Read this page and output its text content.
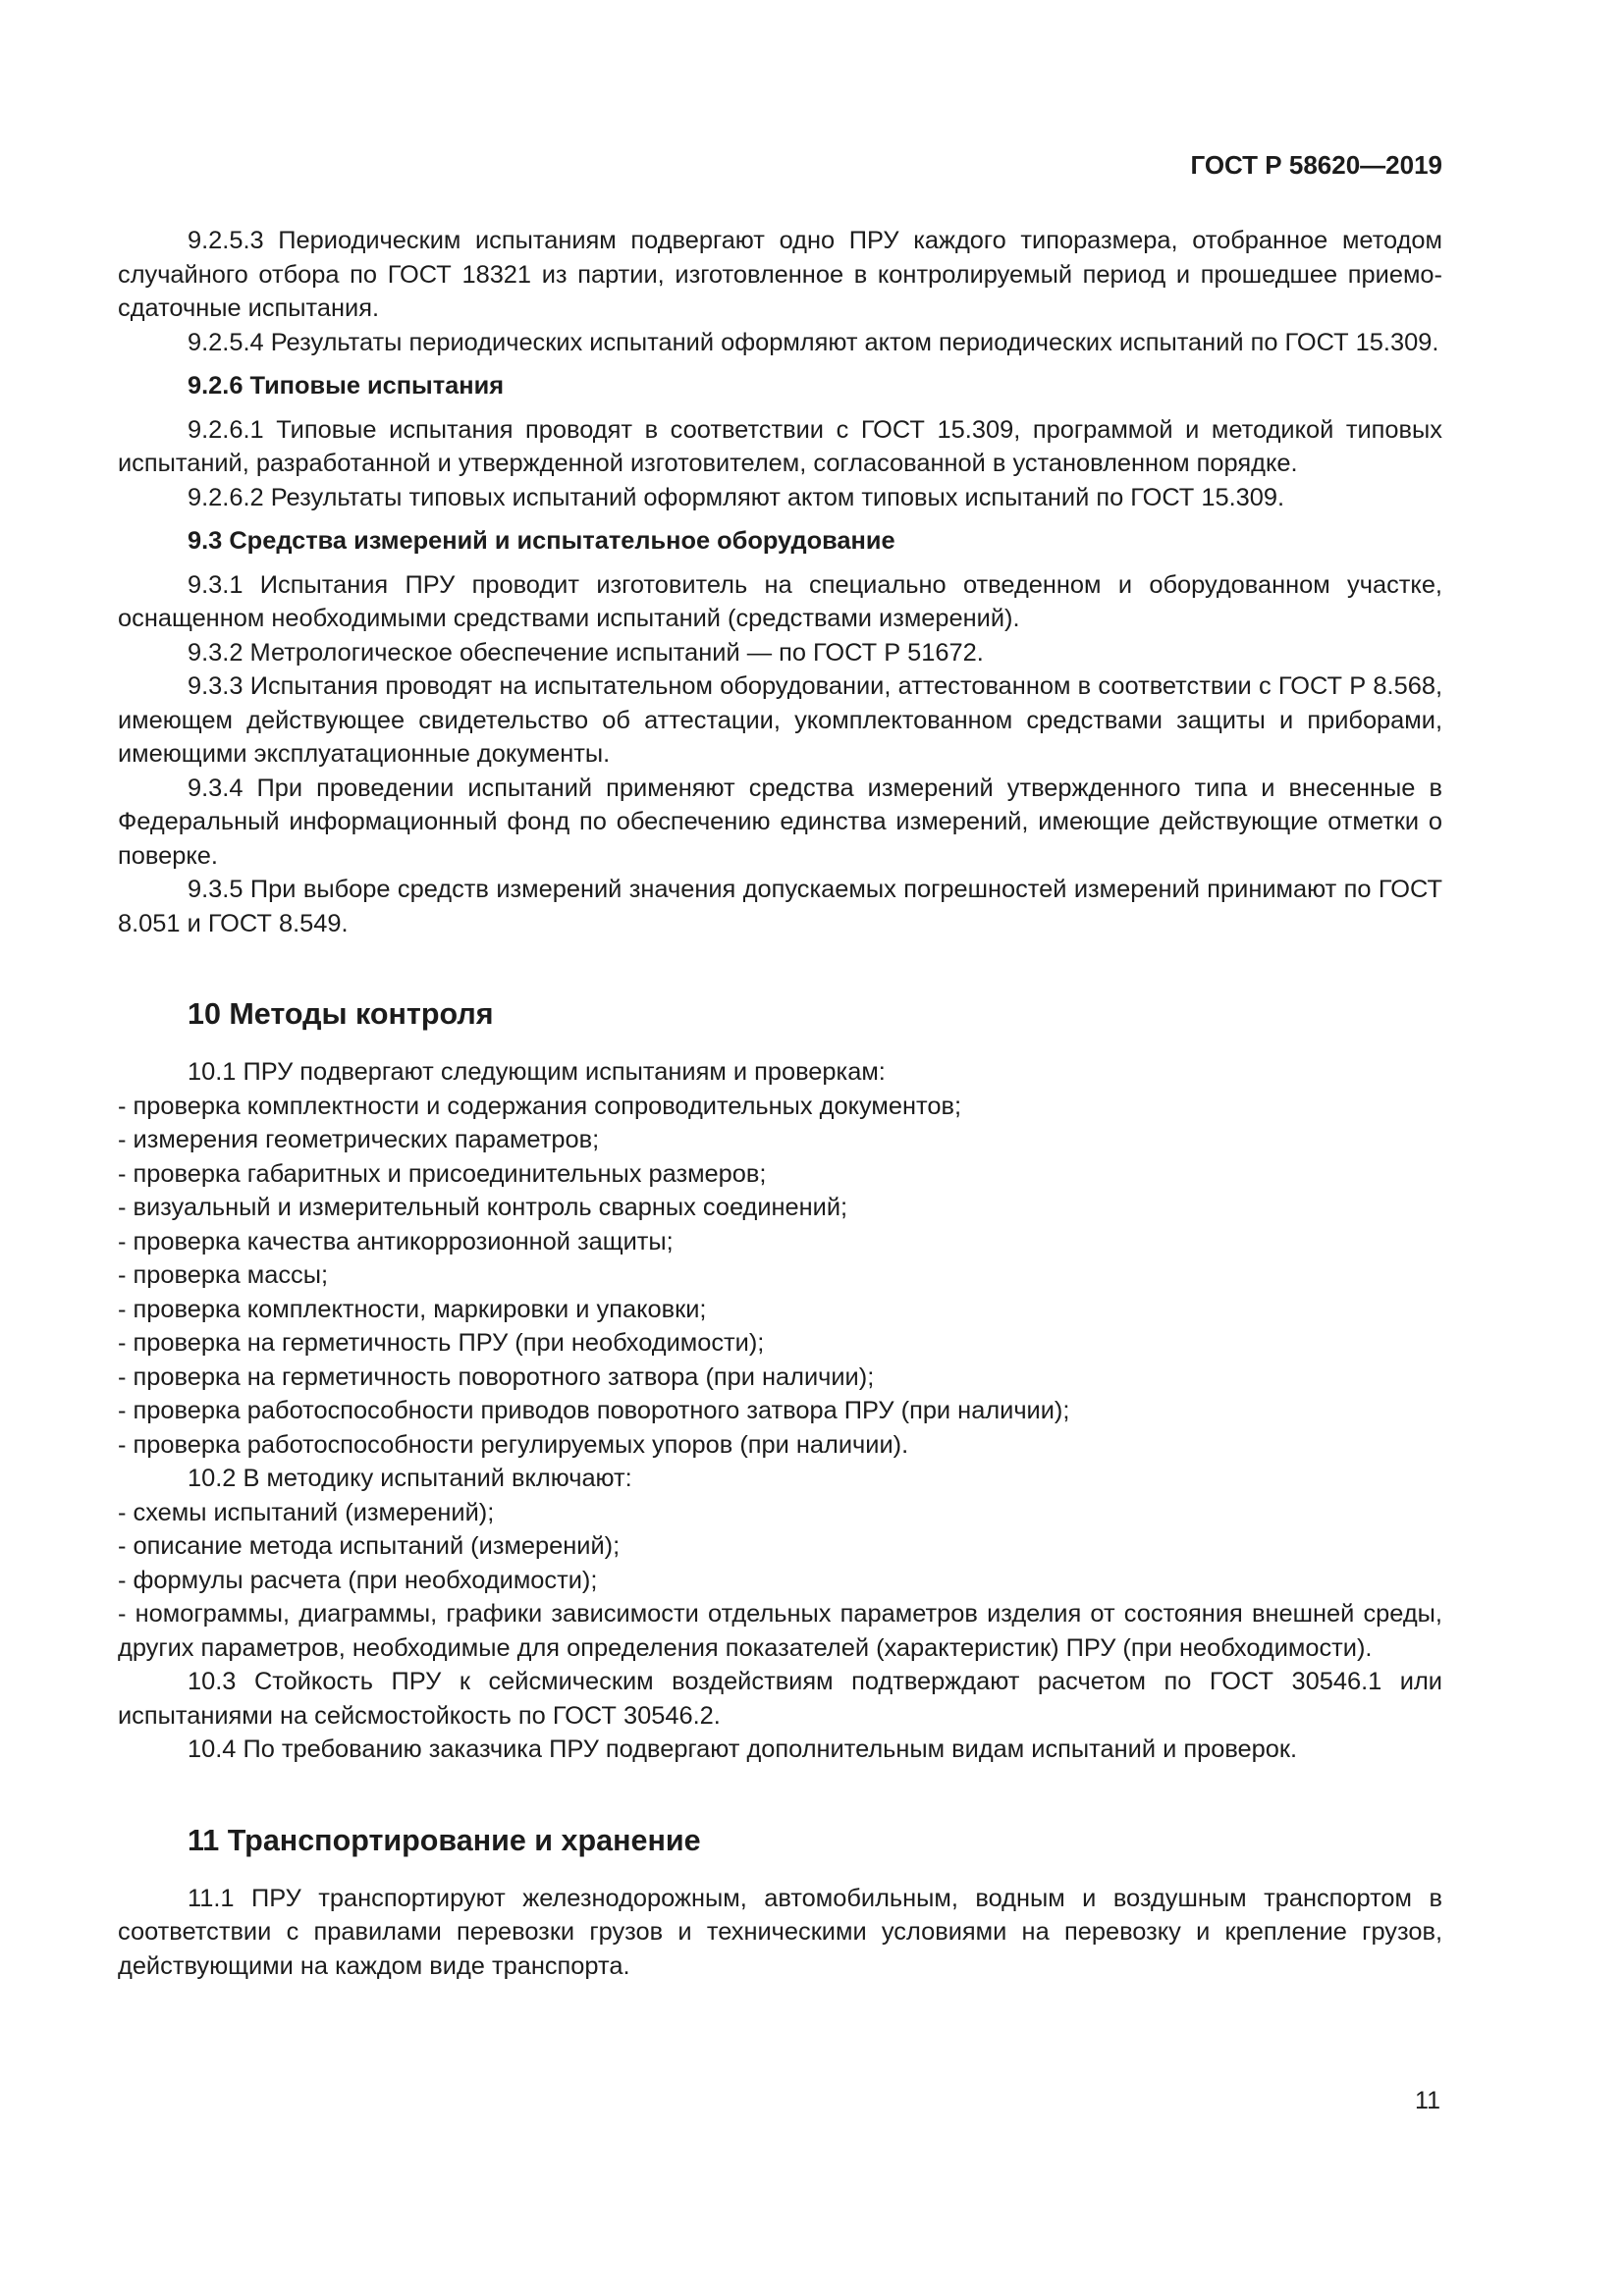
ГОСТ Р 58620—2019

9.2.5.3 Периодическим испытаниям подвергают одно ПРУ каждого типоразмера, отобранное методом случайного отбора по ГОСТ 18321 из партии, изготовленное в контролируемый период и прошедшее приемо-сдаточные испытания.

9.2.5.4 Результаты периодических испытаний оформляют актом периодических испытаний по ГОСТ 15.309.

9.2.6 Типовые испытания

9.2.6.1 Типовые испытания проводят в соответствии с ГОСТ 15.309, программой и методикой типовых испытаний, разработанной и утвержденной изготовителем, согласованной в установленном порядке.

9.2.6.2 Результаты типовых испытаний оформляют актом типовых испытаний по ГОСТ 15.309.

9.3 Средства измерений и испытательное оборудование

9.3.1 Испытания ПРУ проводит изготовитель на специально отведенном и оборудованном участке, оснащенном необходимыми средствами испытаний (средствами измерений).

9.3.2 Метрологическое обеспечение испытаний — по ГОСТ Р 51672.

9.3.3 Испытания проводят на испытательном оборудовании, аттестованном в соответствии с ГОСТ Р 8.568, имеющем действующее свидетельство об аттестации, укомплектованном средствами защиты и приборами, имеющими эксплуатационные документы.

9.3.4 При проведении испытаний применяют средства измерений утвержденного типа и внесенные в Федеральный информационный фонд по обеспечению единства измерений, имеющие действующие отметки о поверке.

9.3.5 При выборе средств измерений значения допускаемых погрешностей измерений принимают по ГОСТ 8.051 и ГОСТ 8.549.

10 Методы контроля

10.1 ПРУ подвергают следующим испытаниям и проверкам:

- проверка комплектности и содержания сопроводительных документов;

- измерения геометрических параметров;

- проверка габаритных и присоединительных размеров;

- визуальный и измерительный контроль сварных соединений;

- проверка качества антикоррозионной защиты;

- проверка массы;

- проверка комплектности, маркировки и упаковки;

- проверка на герметичность ПРУ (при необходимости);

- проверка на герметичность поворотного затвора (при наличии);

- проверка работоспособности приводов поворотного затвора ПРУ (при наличии);

- проверка работоспособности регулируемых упоров (при наличии).

10.2 В методику испытаний включают:

- схемы испытаний (измерений);

- описание метода испытаний (измерений);

- формулы расчета (при необходимости);

- номограммы, диаграммы, графики зависимости отдельных параметров изделия от состояния внешней среды, других параметров, необходимые для определения показателей (характеристик) ПРУ (при необходимости).

10.3 Стойкость ПРУ к сейсмическим воздействиям подтверждают расчетом по ГОСТ 30546.1 или испытаниями на сейсмостойкость по ГОСТ 30546.2.

10.4 По требованию заказчика ПРУ подвергают дополнительным видам испытаний и проверок.

11 Транспортирование и хранение

11.1 ПРУ транспортируют железнодорожным, автомобильным, водным и воздушным транспортом в соответствии с правилами перевозки грузов и техническими условиями на перевозку и крепление грузов, действующими на каждом виде транспорта.

11
